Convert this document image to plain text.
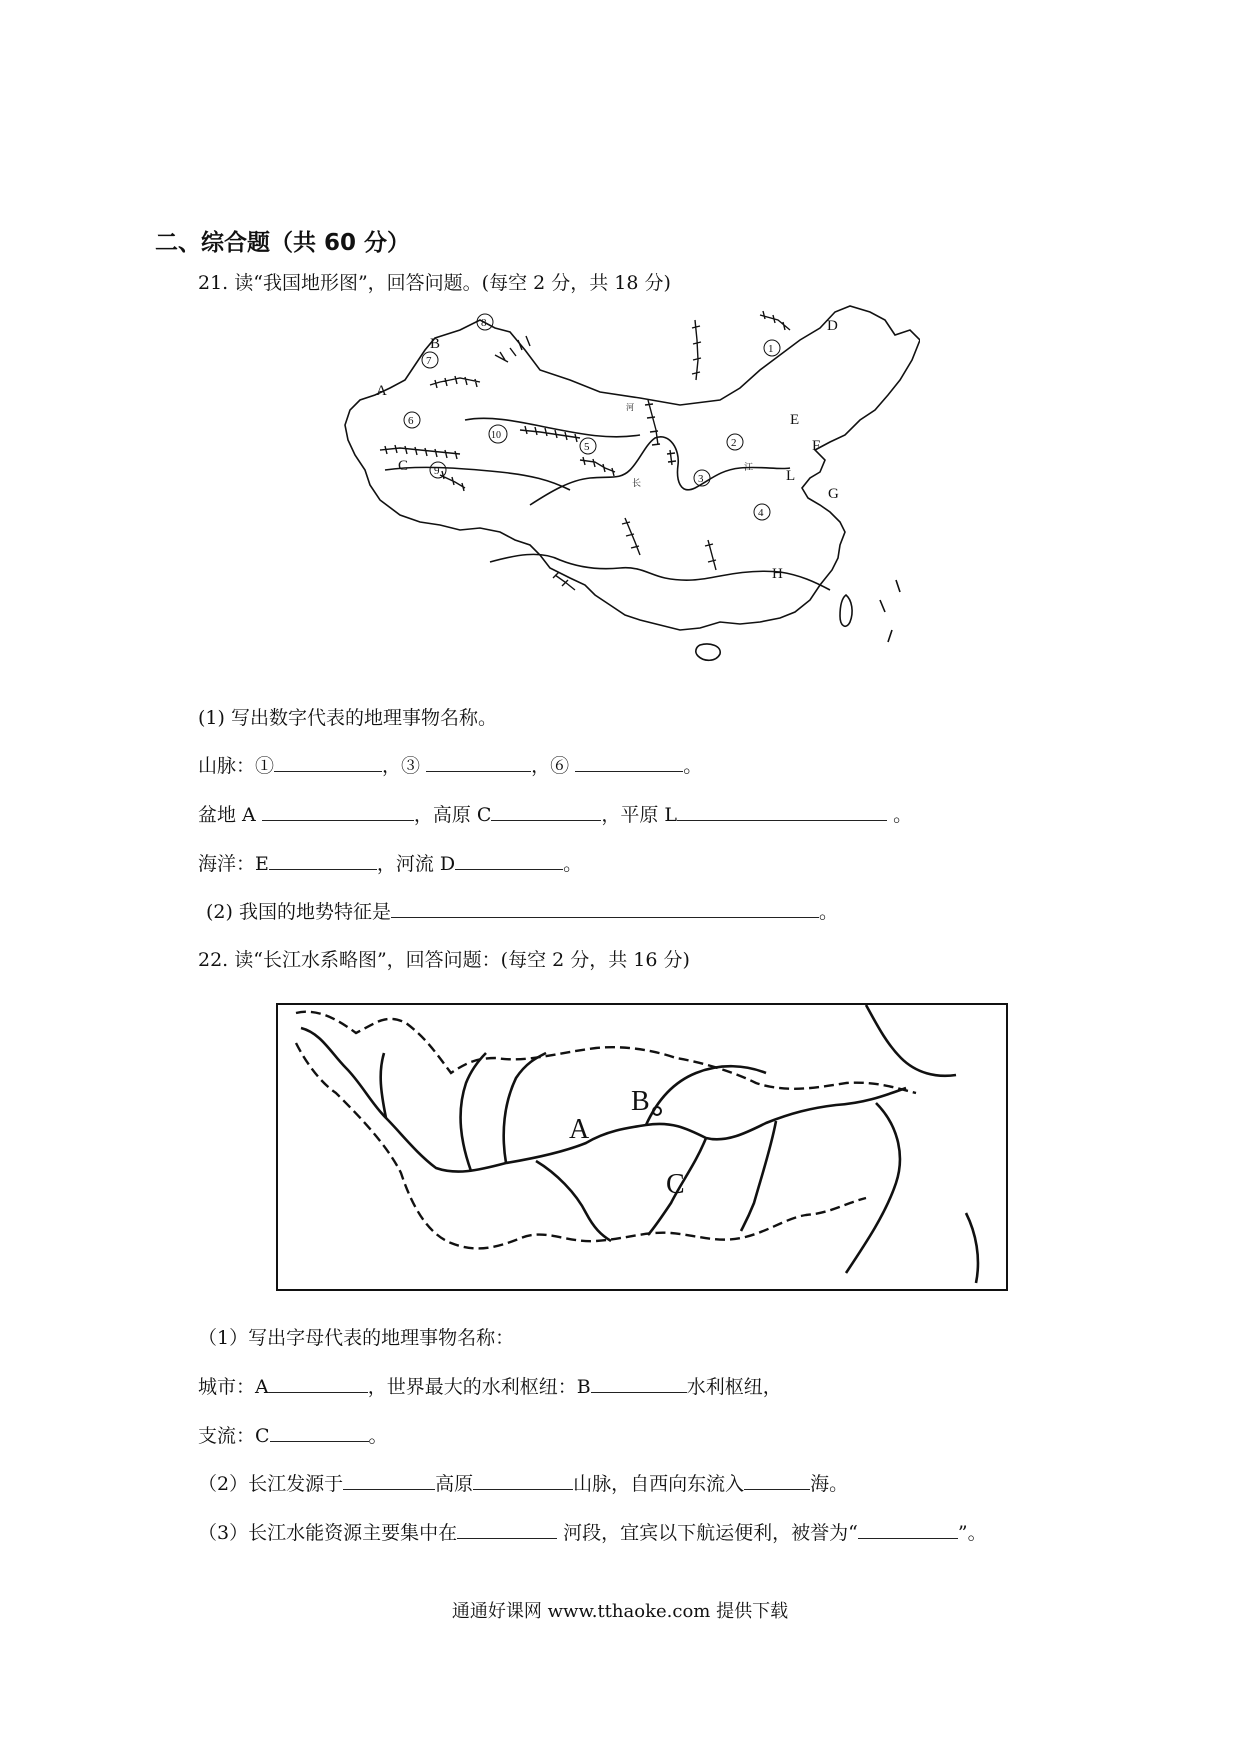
二、综合题（共 60 分）
21. 读“我国地形图”，回答问题。(每空 2 分，共 18 分)
A
B
C
D
E
F
G
H
L
河
长
江
1
2
3
4
5
6
7
8
9
10
(1) 写出数字代表的地理事物名称。
山脉：①	，③	，⑥	。
盆地 A	，高原 C	，平原 L	。
海洋：E	，河流 D	。
(2) 我国的地势特征是	。
22. 读“长江水系略图”，回答问题：(每空 2 分，共 16 分)
A
B
C
（1）写出字母代表的地理事物名称：
城市：A	，世界最大的水利枢纽：B	水利枢纽，
支流：C	。
（2）长江发源于	高原	山脉，自西向东流入	海。
（3）长江水能资源主要集中在	河段，宜宾以下航运便利，被誉为“	”。
通通好课网 www.tthaoke.com 提供下载
